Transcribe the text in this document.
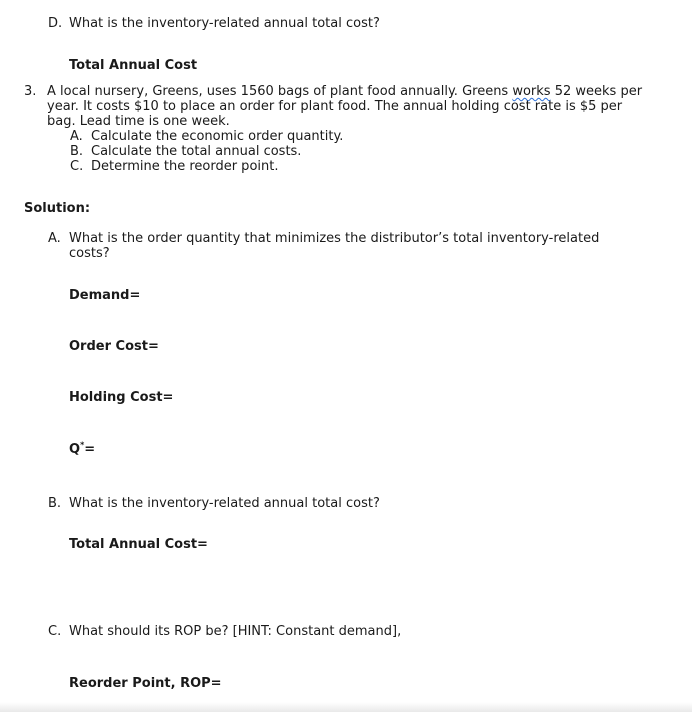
D. What is the inventory-related annual total cost?
Total Annual Cost
3. A local nursery, Greens, uses 1560 bags of plant food annually. Greens works 52 weeks per
year. It costs $10 to place an order for plant food. The annual holding cost rate is $5 per
bag. Lead time is one week.
A. Calculate the economic order quantity.
B. Calculate the total annual costs.
C. Determine the reorder point.
Solution:
A. What is the order quantity that minimizes the distributor’s total inventory-related
costs?
Demand=
Order Cost=
Holding Cost=
Q*=
B. What is the inventory-related annual total cost?
Total Annual Cost=
C. What should its ROP be? [HINT: Constant demand],
Reorder Point, ROP=
